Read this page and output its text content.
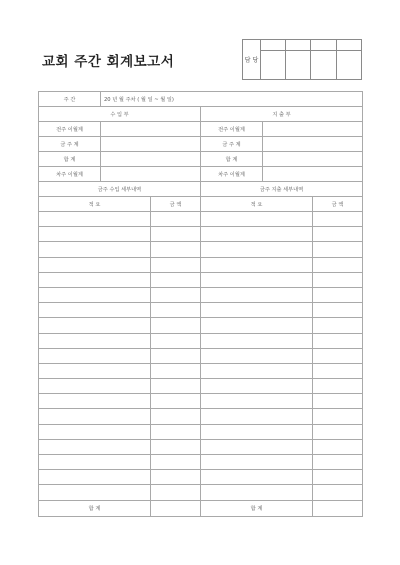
교회 주간 회계보고서	담 당				

주 간	20 년 월 주차 ( 월 일 ~ 월 일)				
수 입 부			지 출 부		
전주 이월계			전주 이월계		
금 주 계			금 주 계		
합 계			합 계		
차주 이월계			차주 이월계		
금주 수입 세부내역			금주 지출 세부내역		
적 요		금 액	적 요		금 액

합 계			합 계		
